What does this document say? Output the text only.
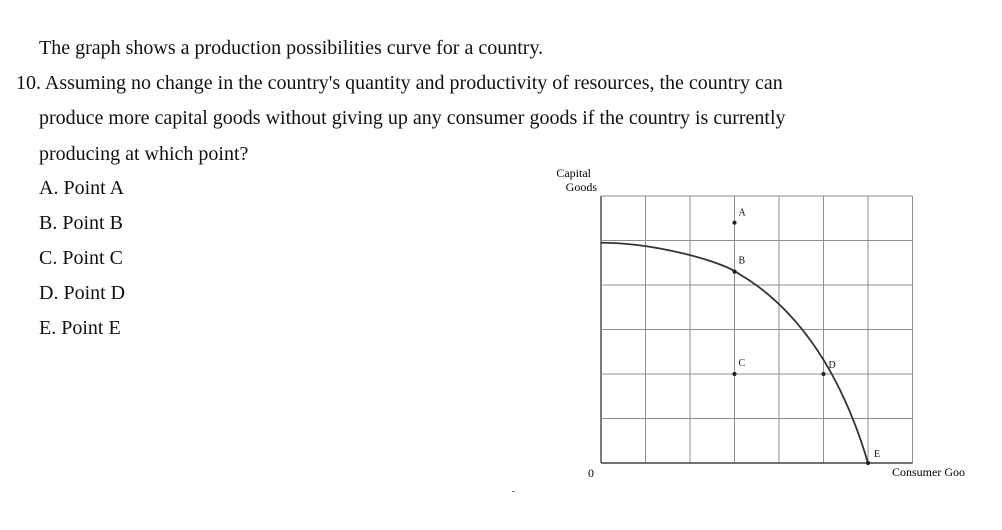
The graph shows a production possibilities curve for a country.
10. Assuming no change in the country's quantity and productivity of resources, the country can
produce more capital goods without giving up any consumer goods if the country is currently
producing at which point?
A. Point A
B. Point B
C. Point C
D. Point D
E. Point E
A
B
C	D
E
Capital
Goods
0	Consumer Goo
